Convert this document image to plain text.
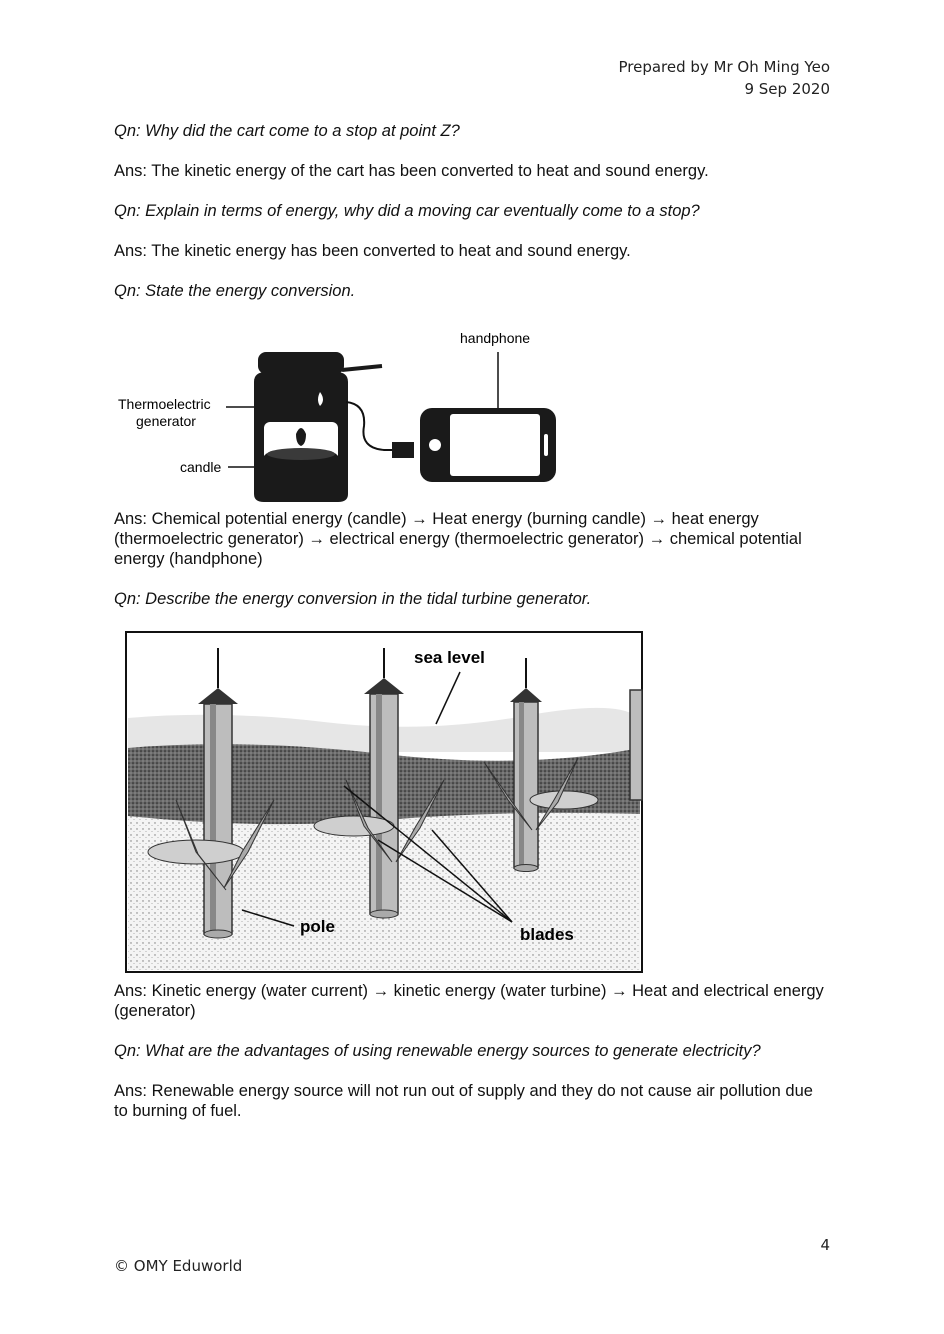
Prepared by Mr Oh Ming Yeo
9 Sep 2020
Qn: Why did the cart come to a stop at point Z?
Ans: The kinetic energy of the cart has been converted to heat and sound energy.
Qn: Explain in terms of energy, why did a moving car eventually come to a stop?
Ans: The kinetic energy has been converted to heat and sound energy.
Qn: State the energy conversion.
handphone
Thermoelectric
generator
candle
Ans: Chemical potential energy (candle) → Heat energy (burning candle) → heat energy (thermoelectric generator) → electrical energy (thermoelectric generator) → chemical potential energy (handphone)
Qn: Describe the energy conversion in the tidal turbine generator.
sea level
pole	blades
Ans: Kinetic energy (water current) → kinetic energy (water turbine) → Heat and electrical energy (generator)
Qn: What are the advantages of using renewable energy sources to generate electricity?
Ans: Renewable energy source will not run out of supply and they do not cause air pollution due to burning of fuel.
4
© OMY Eduworld
